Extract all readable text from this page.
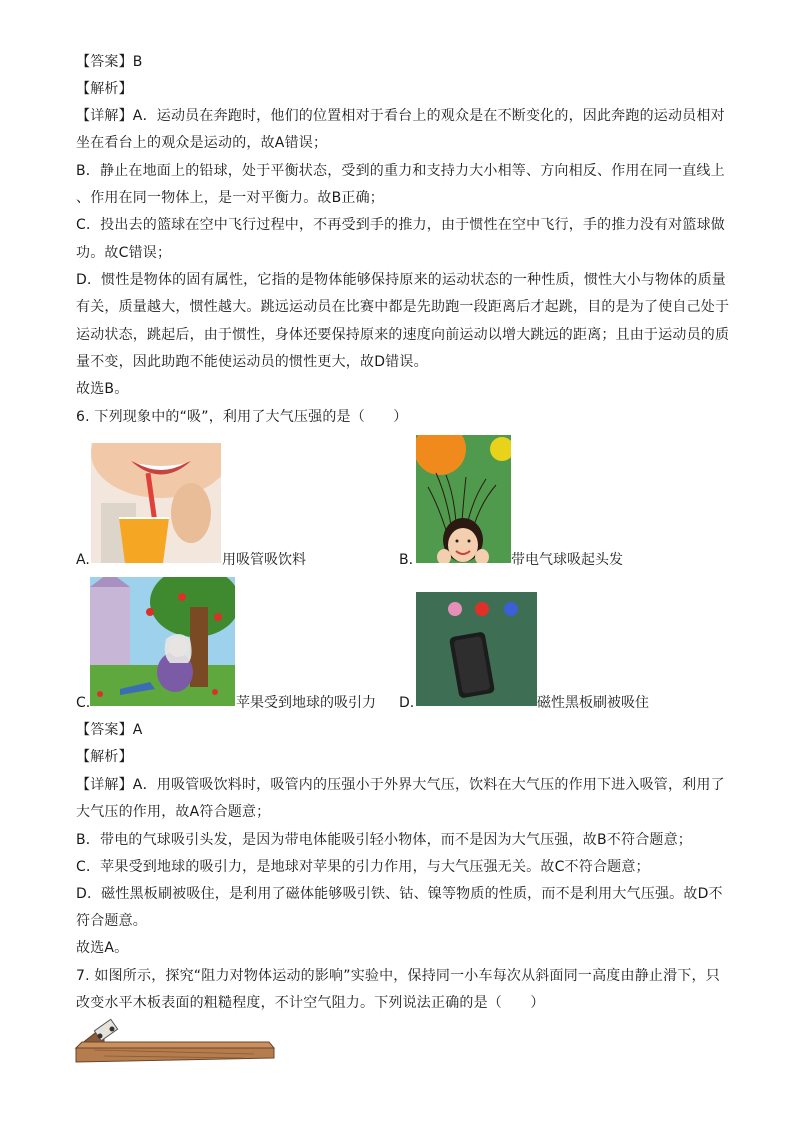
【答案】B
【解析】
【详解】A．运动员在奔跑时，他们的位置相对于看台上的观众是在不断变化的，因此奔跑的运动员相对
坐在看台上的观众是运动的，故A错误；
B．静止在地面上的铅球，处于平衡状态，受到的重力和支持力大小相等、方向相反、作用在同一直线上
、作用在同一物体上，是一对平衡力。故B正确；
C．投出去的篮球在空中飞行过程中，不再受到手的推力，由于惯性在空中飞行，手的推力没有对篮球做
功。故C错误；
D．惯性是物体的固有属性，它指的是物体能够保持原来的运动状态的一种性质，惯性大小与物体的质量
有关，质量越大，惯性越大。跳远运动员在比赛中都是先助跑一段距离后才起跳，目的是为了使自己处于
运动状态，跳起后，由于惯性，身体还要保持原来的速度向前运动以增大跳远的距离；且由于运动员的质
量不变，因此助跑不能使运动员的惯性更大，故D错误。
故选B。
6. 下列现象中的“吸”，利用了大气压强的是（　　）
A.	用吸管吸饮料	B.	带电气球吸起头发
C.	苹果受到地球的吸引力 D.	磁性黑板刷被吸住
【答案】A
【解析】
【详解】A．用吸管吸饮料时，吸管内的压强小于外界大气压，饮料在大气压的作用下进入吸管，利用了
大气压的作用，故A符合题意；
B．带电的气球吸引头发，是因为带电体能吸引轻小物体，而不是因为大气压强，故B不符合题意；
C．苹果受到地球的吸引力，是地球对苹果的引力作用，与大气压强无关。故C不符合题意；
D．磁性黑板刷被吸住，是利用了磁体能够吸引铁、钴、镍等物质的性质，而不是利用大气压强。故D不
符合题意。
故选A。
7. 如图所示，探究“阻力对物体运动的影响”实验中，保持同一小车每次从斜面同一高度由静止滑下，只
改变水平木板表面的粗糙程度，不计空气阻力。下列说法正确的是（　　）
